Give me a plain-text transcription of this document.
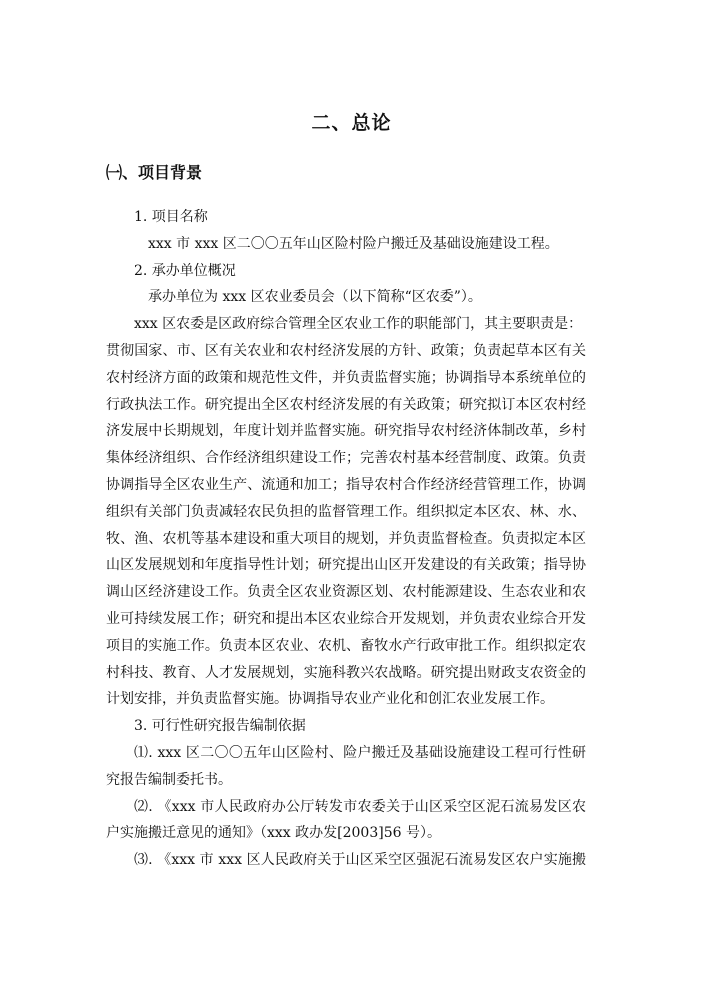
二、总论
㈠、项目背景
1. 项目名称
xxx 市 xxx 区二〇〇五年山区险村险户搬迁及基础设施建设工程。
2. 承办单位概况
承办单位为 xxx 区农业委员会（以下简称“区农委”）。
xxx 区农委是区政府综合管理全区农业工作的职能部门，其主要职责是：
贯彻国家、市、区有关农业和农村经济发展的方针、政策；负责起草本区有关
农村经济方面的政策和规范性文件，并负责监督实施；协调指导本系统单位的
行政执法工作。研究提出全区农村经济发展的有关政策；研究拟订本区农村经
济发展中长期规划，年度计划并监督实施。研究指导农村经济体制改革，乡村
集体经济组织、合作经济组织建设工作；完善农村基本经营制度、政策。负责
协调指导全区农业生产、流通和加工；指导农村合作经济经营管理工作，协调
组织有关部门负责减轻农民负担的监督管理工作。组织拟定本区农、林、水、
牧、渔、农机等基本建设和重大项目的规划，并负责监督检查。负责拟定本区
山区发展规划和年度指导性计划；研究提出山区开发建设的有关政策；指导协
调山区经济建设工作。负责全区农业资源区划、农村能源建设、生态农业和农
业可持续发展工作；研究和提出本区农业综合开发规划，并负责农业综合开发
项目的实施工作。负责本区农业、农机、畜牧水产行政审批工作。组织拟定农
村科技、教育、人才发展规划，实施科教兴农战略。研究提出财政支农资金的
计划安排，并负责监督实施。协调指导农业产业化和创汇农业发展工作。
3. 可行性研究报告编制依据
⑴. xxx 区二〇〇五年山区险村、险户搬迁及基础设施建设工程可行性研
究报告编制委托书。
⑵. 《xxx 市人民政府办公厅转发市农委关于山区采空区泥石流易发区农
户实施搬迁意见的通知》（xxx 政办发[2003]56 号）。
⑶. 《xxx 市 xxx 区人民政府关于山区采空区强泥石流易发区农户实施搬
